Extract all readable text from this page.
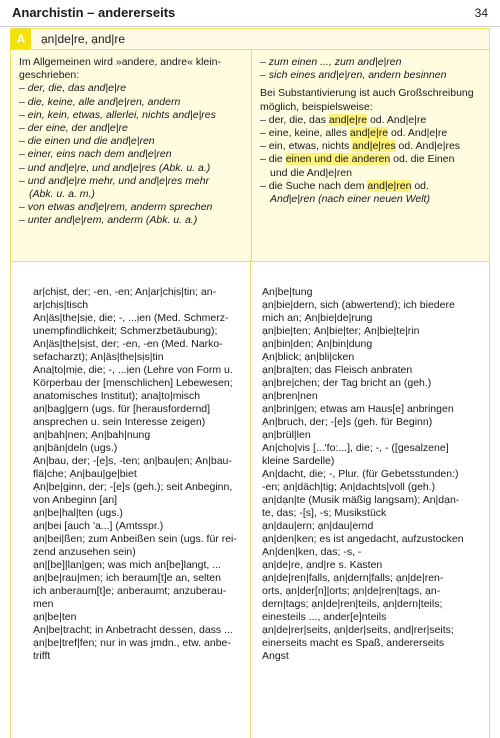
Anarchistin – andererseits	34
A	ạn|de|re, ạnd|re

Im Allgemeinen wird »andere, andre« klein-

geschrieben:

– der, die, das and|e|re

– die, keine, alle and|e|ren, andern

– ein, kein, etwas, allerlei, nichts and|e|res

– der eine, der and|e|re

– die einen und die and|e|ren

– einer, eins nach dem and|e|ren

– und and|e|re, und and|e|res (Abk. u. a.)

– und and|e|re mehr, und and|e|res mehr

(Abk. u. a. m.)

– von etwas and|e|rem, anderm sprechen

– unter and|e|rem, anderm (Abk. u. a.)

– zum einen ..., zum and|e|ren

– sich eines and|e|ren, andern besinnen

Bei Substantivierung ist auch Großschreibung

möglich, beispielsweise:

– der, die, das and|e|re od. And|e|re

– eine, keine, alles and|e|re od. And|e|re

– ein, etwas, nichts and|e|res od. And|e|res

– die einen und die anderen od. die Einen

und die And|e|ren

– die Suche nach dem and|e|ren od.

And|e|ren (nach einer neuen Welt)

ar|chịst, der; -en, -en; An|ar|chịs|tin; an-
ar|chịs|tisch
An|äs|the|sịe, die; -, ...ịen (Med. Schmerz-
unempfindlichkeit; Schmerzbetäubung);
An|äs|the|sịst, der; -en, -en (Med. Narko-
sefacharzt); An|äs|the|sịs|tin
Ana|to|mịe, die; -, ...ịen (Lehre von Form u.
Körperbau der [menschlichen] Lebewesen;
anatomisches Institut); ana|to|misch
ạn|bag|gern (ugs. für [herausfordernd]
ansprechen u. sein Interesse zeigen)
ạn|bah|nen; Ạn|bah|nung
ạn|bän|deln (ugs.)
Ạn|bau, der; -[e]s, -ten; ạn|bau|en; Ạn|bau-
flä|che; Ạn|bau|ge|biet
Ạn|be|ginn, der; -[e]s (geh.); seit Anbeginn,
von Anbeginn [an]
ạn|be|hal|ten (ugs.)
an|bei [auch 'a...] (Amtsspr.)
ạn|bei|ßen; zum Anbeißen sein (ugs. für rei-
zend anzusehen sein)
ạn|[be]|lan|gen; was mich an[be]langt, ...
ạn|be|rau|men; ich beraum[t]e an, selten
ich anberaum[t]e; anberaumt; anzuberau-
men
ạn|be|ten
Ạn|be|tracht; in Anbetracht dessen, dass ...
ạn|be|tref|fen; nur in was jmdn., etw. anbe-
trifft
Ạn|be|tung
ạn|bie|dern, sich (abwertend); ich biedere
mich an; Ạn|bie|de|rung
ạn|bie|ten; Ạn|bie|ter; Ạn|bie|te|rin
ạn|bin|den; Ạn|bin|dung
Ạn|blick; ạn|bli|cken
ạn|bra|ten; das Fleisch anbraten
ạn|bre|chen; der Tag bricht an (geh.)
ạn|bren|nen
ạn|brin|gen; etwas am Haus[e] anbringen
Ạn|bruch, der; -[e]s (geh. für Beginn)
ạn|brül|len
An|cho|vis [...'fo:...], die; -, - ([gesalzene]
kleine Sardelle)
Ạn|dacht, die; -, Plur. (für Gebetsstunden:)
-en; ạn|däch|tig; Ạn|dachts|voll (geh.)
ạn|dạn|te (Musik mäßig langsam); An|dạn-
te, das; -[s], -s; Musikstück
ạn|dau|ern; ạn|dau|ernd
ạn|den|ken; es ist angedacht, aufzustocken
Ạn|den|ken, das; -s, -
ạn|de|re, ạnd|re s. Kasten
ạn|de|ren|falls, ạn|dern|falls; ạn|de|ren-
orts, ạn|der[n]|orts; ạn|de|ren|tags, ạn-
dern|tags; ạn|de|ren|teils, ạn|dern|teils;
einesteils ..., ander[e]nteils
ạn|de|rer|seits, ạn|der|seits, ạnd|rer|seits;
einerseits macht es Spaß, andererseits
Angst
